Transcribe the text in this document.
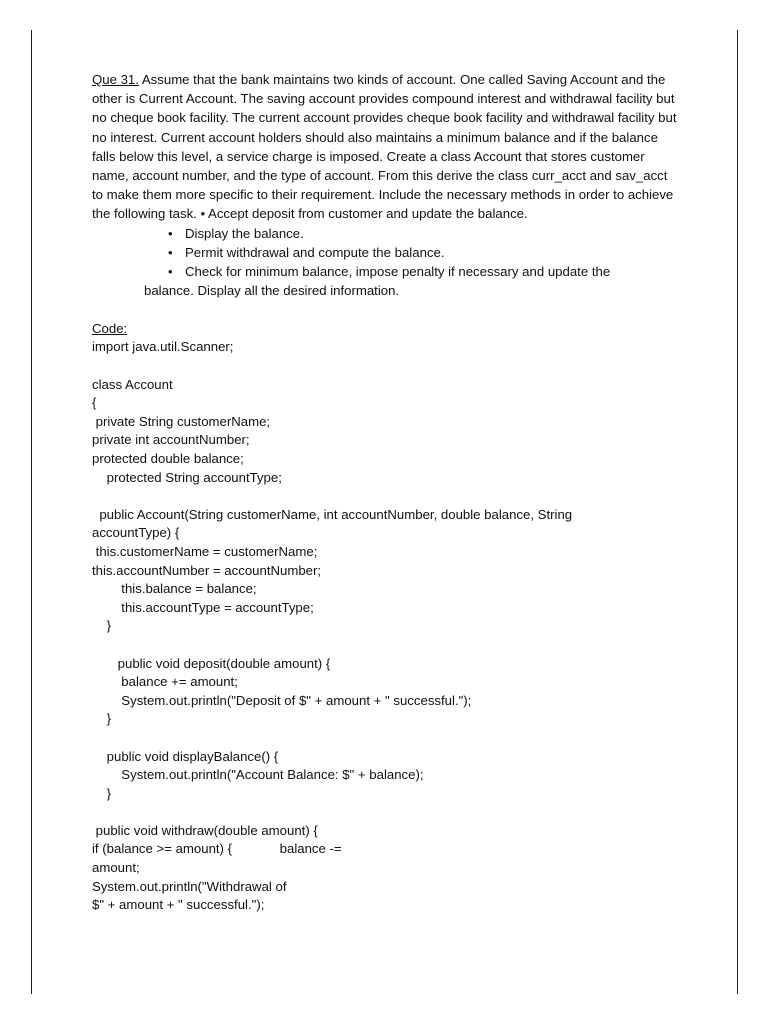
Que 31. Assume that the bank maintains two kinds of account. One called Saving Account and the other is Current Account. The saving account provides compound interest and withdrawal facility but no cheque book facility. The current account provides cheque book facility and withdrawal facility but no interest. Current account holders should also maintains a minimum balance and if the balance falls below this level, a service charge is imposed. Create a class Account that stores customer name, account number, and the type of account. From this derive the class curr_acct and sav_acct to make them more specific to their requirement. Include the necessary methods in order to achieve the following task. • Accept deposit from customer and update the balance.

• Display the balance.
• Permit withdrawal and compute the balance.
• Check for minimum balance, impose penalty if necessary and update the
balance. Display all the desired information.
Code:
import java.util.Scanner;
class Account
{
private String customerName;
private int accountNumber;
protected double balance;
protected String accountType;
public Account(String customerName, int accountNumber, double balance, String
accountType) {
this.customerName = customerName;
this.accountNumber = accountNumber;
this.balance = balance;
this.accountType = accountType;
}
public void deposit(double amount) {
balance += amount;
System.out.println("Deposit of $" + amount + " successful.");
}
public void displayBalance() {
System.out.println("Account Balance: $" + balance);
}
public void withdraw(double amount) {
if (balance >= amount) {             balance -=
amount;
System.out.println("Withdrawal of
$" + amount + " successful.");
